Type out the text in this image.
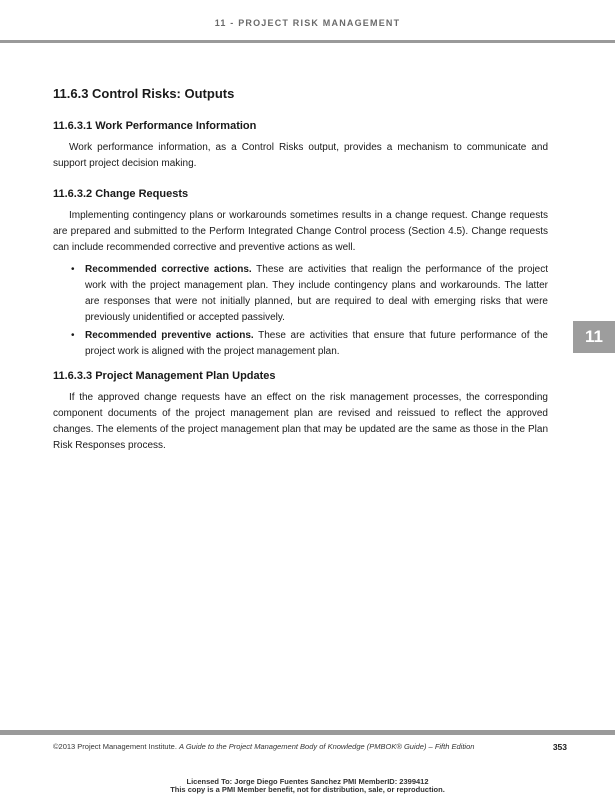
11 - PROJECT RISK MANAGEMENT
11.6.3 Control Risks: Outputs
11.6.3.1 Work Performance Information

Work performance information, as a Control Risks output, provides a mechanism to communicate and support project decision making.

11.6.3.2 Change Requests

Implementing contingency plans or workarounds sometimes results in a change request. Change requests are prepared and submitted to the Perform Integrated Change Control process (Section 4.5). Change requests can include recommended corrective and preventive actions as well.

• Recommended corrective actions. These are activities that realign the performance of the project work with the project management plan. They include contingency plans and workarounds. The latter are responses that were not initially planned, but are required to deal with emerging risks that were previously unidentified or accepted passively.
• Recommended preventive actions. These are activities that ensure that future performance of the project work is aligned with the project management plan.
11.6.3.3 Project Management Plan Updates

If the approved change requests have an effect on the risk management processes, the corresponding component documents of the project management plan are revised and reissued to reflect the approved changes. The elements of the project management plan that may be updated are the same as those in the Plan Risk Responses process.

11
©2013 Project Management Institute. A Guide to the Project Management Body of Knowledge (PMBOK® Guide) – Fifth Edition	353
Licensed To: Jorge Diego Fuentes Sanchez PMI MemberID: 2399412
This copy is a PMI Member benefit, not for distribution, sale, or reproduction.
